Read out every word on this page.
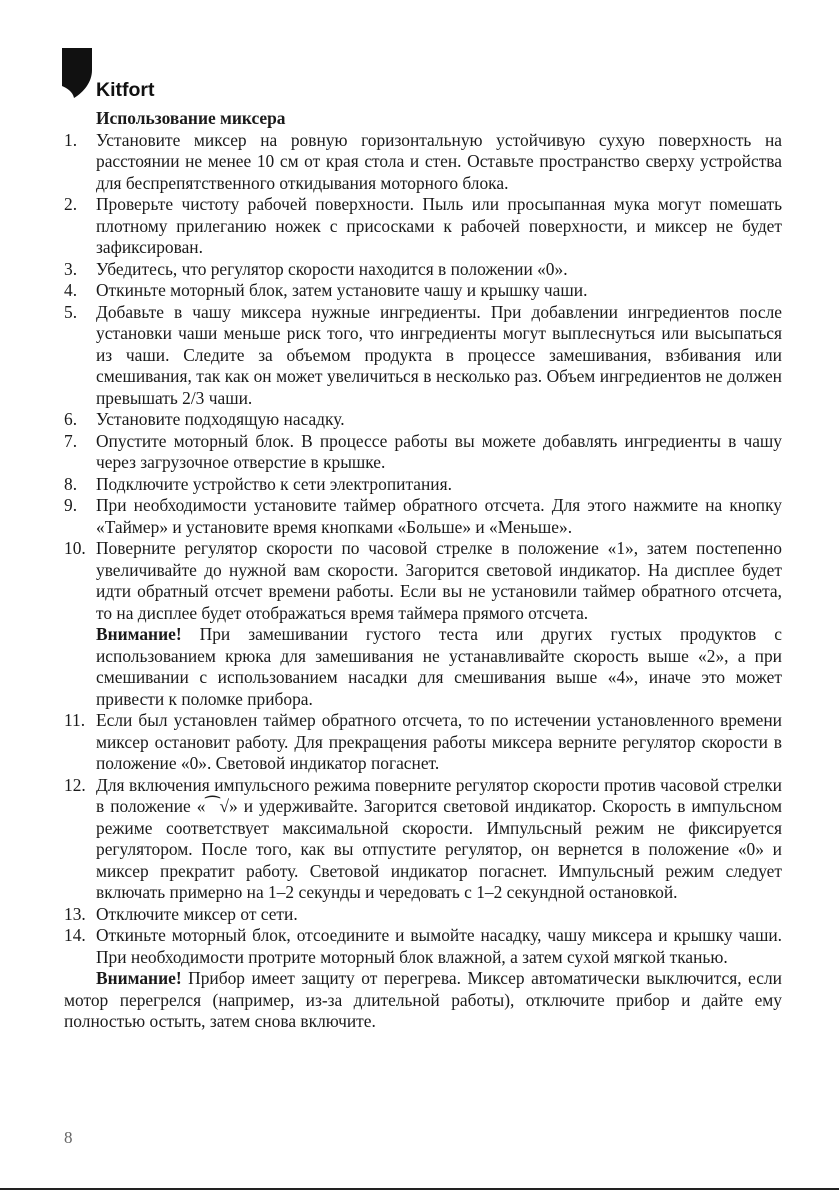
Kitfort
Использование миксера
1. Установите миксер на ровную горизонтальную устойчивую сухую поверхность на расстоянии не менее 10 см от края стола и стен. Оставьте пространство сверху устройства для беспрепятственного откидывания моторного блока.
2. Проверьте чистоту рабочей поверхности. Пыль или просыпанная мука могут помешать плотному прилеганию ножек с присосками к рабочей поверхности, и миксер не будет зафиксирован.
3. Убедитесь, что регулятор скорости находится в положении «0».
4. Откиньте моторный блок, затем установите чашу и крышку чаши.
5. Добавьте в чашу миксера нужные ингредиенты. При добавлении ингредиентов после установки чаши меньше риск того, что ингредиенты могут выплеснуться или высыпаться из чаши. Следите за объемом продукта в процессе замешивания, взбивания или смешивания, так как он может увеличиться в несколько раз. Объем ингредиентов не должен превышать 2/3 чаши.
6. Установите подходящую насадку.
7. Опустите моторный блок. В процессе работы вы можете добавлять ингредиенты в чашу через загрузочное отверстие в крышке.
8. Подключите устройство к сети электропитания.
9. При необходимости установите таймер обратного отсчета. Для этого нажмите на кнопку «Таймер» и установите время кнопками «Больше» и «Меньше».
10. Поверните регулятор скорости по часовой стрелке в положение «1», затем постепенно увеличивайте до нужной вам скорости. Загорится световой индикатор. На дисплее будет идти обратный отсчет времени работы. Если вы не установили таймер обратного отсчета, то на дисплее будет отображаться время таймера прямого отсчета.
Внимание! При замешивании густого теста или других густых продуктов с использованием крюка для замешивания не устанавливайте скорость выше «2», а при смешивании с использованием насадки для смешивания выше «4», иначе это может привести к поломке прибора.
11. Если был установлен таймер обратного отсчета, то по истечении установленного времени миксер остановит работу. Для прекращения работы миксера верните регулятор скорости в положение «0». Световой индикатор погаснет.
12. Для включения импульсного режима поверните регулятор скорости против часовой стрелки в положение «⁀√» и удерживайте. Загорится световой индикатор. Скорость в импульсном режиме соответствует максимальной скорости. Импульсный режим не фиксируется регулятором. После того, как вы отпустите регулятор, он вернется в положение «0» и миксер прекратит работу. Световой индикатор погаснет. Импульсный режим следует включать примерно на 1–2 секунды и чередовать с 1–2 секундной остановкой.
13. Отключите миксер от сети.
14. Откиньте моторный блок, отсоедините и вымойте насадку, чашу миксера и крышку чаши. При необходимости протрите моторный блок влажной, а затем сухой мягкой тканью.
Внимание! Прибор имеет защиту от перегрева. Миксер автоматически выключится, если мотор перегрелся (например, из-за длительной работы), отключите прибор и дайте ему полностью остыть, затем снова включите.
8
